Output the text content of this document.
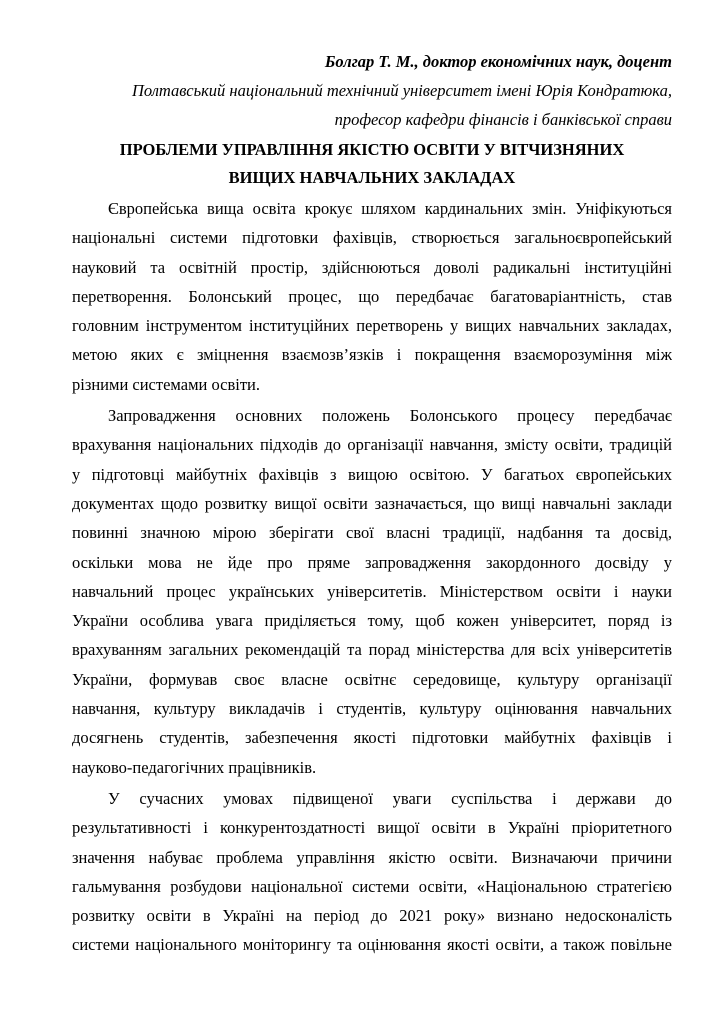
Болгар Т. М., доктор економічних наук, доцент
Полтавський національний технічний університет імені Юрія Кондратюка,
професор кафедри фінансів і банківської справи
ПРОБЛЕМИ УПРАВЛІННЯ ЯКІСТЮ ОСВІТИ У ВІТЧИЗНЯНИХ
ВИЩИХ НАВЧАЛЬНИХ ЗАКЛАДАХ
Європейська вища освіта крокує шляхом кардинальних змін. Уніфікуються
національні системи підготовки фахівців, створюється загальноєвропейський
науковий та освітній простір, здійснюються доволі радикальні інституційні
перетворення. Болонський процес, що передбачає багатоваріантність, став
головним інструментом інституційних перетворень у вищих навчальних закладах,
метою яких є зміцнення взаємозв’язків і покращення взаєморозуміння між
різними системами освіти.
Запровадження основних положень Болонського процесу передбачає
врахування національних підходів до організації навчання, змісту освіти, традицій
у підготовці майбутніх фахівців з вищою освітою. У багатьох європейських
документах щодо розвитку вищої освіти зазначається, що вищі навчальні заклади
повинні значною мірою зберігати свої власні традиції, надбання та досвід,
оскільки мова не йде про пряме запровадження закордонного досвіду у
навчальний процес українських університетів. Міністерством освіти і науки
України особлива увага приділяється тому, щоб кожен університет, поряд із
врахуванням загальних рекомендацій та порад міністерства для всіх університетів
України, формував своє власне освітнє середовище, культуру організації
навчання, культуру викладачів і студентів, культуру оцінювання навчальних
досягнень студентів, забезпечення якості підготовки майбутніх фахівців і
науково-педагогічних працівників.
У сучасних умовах підвищеної уваги суспільства і держави до
результативності і конкурентоздатності вищої освіти в Україні пріоритетного
значення набуває проблема управління якістю освіти. Визначаючи причини
гальмування розбудови національної системи освіти, «Національною стратегією
розвитку освіти в Україні на період до 2021 року» визнано недосконалість
системи національного моніторингу та оцінювання якості освіти, а також повільне
